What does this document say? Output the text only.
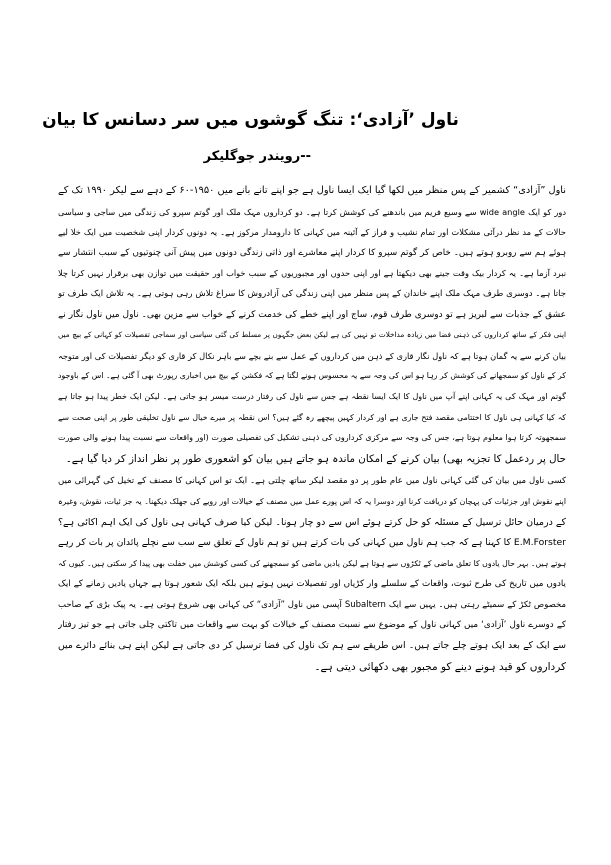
ناول ’آزادی‘: تنگ گوشوں میں سر دسانس کا بیان
--رویندر جوگلیکر
ناول ”آزادی“ کشمیر کے پس منظر میں لکھا گیا ایک ایسا ناول ہے جو اپنے تانے بانے میں ۱۹۵۰-۶۰ کے دہے سے لیکر ۱۹۹۰ تک کے
دور کو ایک wide angle سے وسیع فریم میں باندھنے کی کوشش کرتا ہے۔ دو کرداروں مہک ملک اور گوتم سپرو کی زندگی میں ساجی و سیاسی
حالات کے مد نظر درآئی مشکلات اور تمام نشیب و فراز کے آئینہ میں کہانی کا دارومدار مرکوز ہے۔ یہ دونوں کردار اپنی شخصیت میں ایک خلا لیے
ہوئے ہم سے روبرو ہوتے ہیں۔ خاص کر گوتم سپرو کا کردار اپنے معاشرے اور ذاتی زندگی دونوں میں پیش آنی چنوتیوں کے سبب انتشار سے
نبرد آزما ہے۔ یہ کردار بیک وقت جینے بھی دیکھتا ہے اور اپنی حدوں اور مجبوریوں کے سبب خواب اور حقیقت میں توازن بھی برقرار نہیں کرتا چلا
جاتا ہے۔ دوسری طرف مہک ملک اپنے خاندان کے پس منظر میں اپنی زندگی کی آزادروش کا سراغ تلاش رہی ہوتی ہے۔ یہ تلاش ایک طرف تو
عشق کے جذبات سے لبریز ہے تو دوسری طرف قوم، ساج اور اپنے خطے کی خدمت کرنے کے خواب سے مزین بھی۔ ناول میں ناول نگار نے
اپنی فکر کے ساتھ کرداروں کی ذہنی فضا میں زیادہ مداخلات تو نہیں کی ہے لیکن بعض جگہوں پر مسلط کی گئی سیاسی اور سماجی تفصیلات کو کہانی کے بیچ میں
بیان کرنے سے یہ گمان ہوتا ہے کہ ناول نگار قاری کے ذہن میں کرداروں کے عمل سے بنے بچے سے باہر نکال کر قاری کو دیگر تفصیلات کی اور متوجہ
کر کے ناول کو سمجھانے کی کوشش کر رہا ہو اس کی وجہ سے یہ محسوس ہونے لگتا ہے کہ فکشن کے بیچ میں اخباری رپورٹ بھی آ گئی ہے۔ اس کے باوجود
گوتم اور مہک کی یہ کہانی اپنے آپ میں ناول کا ایک ایسا نقطہ ہے جس سے ناول کی رفتار درست میسر ہو جاتی ہے۔ لیکن ایک خطر پیدا ہو جاتا ہے
کہ کیا کہانی ہی ناول کا اختتامی مقصد فتح جاری ہے اور کردار کہیں پیچھے رہ گئے ہیں؟ اس نقطہ پر میرے خیال سے ناول تخلیقی طور پر اپنی صحت سے
سمجھوتہ کرتا ہوا معلوم ہوتا ہے، جس کی وجہ سے مرکزی کرداروں کی ذہنی تشکیل کی تفصیلی صورت (اور واقعات سے نسبت پیدا ہونے والی صورت
حال پر ردعمل کا تجزیہ بھی) بیان کرنے کے امکان ماندہ ہو جاتے ہیں بیان کو اشعوری طور پر نظر انداز کر دیا گیا ہے۔
کسی ناول میں بیان کی گئی کہانی ناول میں عام طور پر دو مقصد لیکر ساتھ چلتی ہے۔ ایک تو اس کہانی کا مصنف کے تخیل کی گہرائی میں
اپنے نقوش اور جزئیات کی پہچان کو دریافت کرنا اور دوسرا یہ کہ اس پورے عمل میں مصنف کے خیالات اور رویے کی جھلک دیکھنا۔ یہ جز ئیات، نقوش، وغیرہ
کے درمیان حائل ترسیل کے مسئلہ کو حل کرتے ہوئے اس سے دو چار ہونا۔ لیکن کیا صرف کہانی ہی ناول کی ایک اہم اکائی ہے؟
E.M.Forster کا کہنا ہے کہ جب ہم ناول میں کہانی کی بات کرتے ہیں تو ہم ناول کے تعلق سے سب سے نچلے پائدان پر بات کر رہے
ہوتے ہیں۔ بہر حال یادوں کا تعلق ماضی کے ٹکڑوں سے ہوتا ہے لیکن یادیں ماضی کو سمجھنے کی کسی کوشش میں خفلت بھی پیدا کر سکتی ہیں۔ کیوں کہ
یادوں میں تاریخ کی طرح ثبوت، واقعات کے سلسلے وار کڑیاں اور تفصیلات نہیں ہوتے ہیں بلکہ ایک شعور ہوتا ہے جہاں یادیں زمانے کے ایک
مخصوص ٹکڑ کے سمیٹے رہتی ہیں۔ یہیں سے ایک Subaltern آپسی میں ناول ”آزادی“ کی کہانی بھی شروع ہوتی ہے۔ یہ پیک بڑی کے صاحب
کے دوسرے ناول ’آزادی‘ میں کہانی ناول کے موضوع سے نسبت مصنف کے خیالات کو بہت سے واقعات میں تاکتی چلی جاتی ہے جو تیز رفتار
سے ایک کے بعد ایک ہوتے چلے جاتے ہیں۔ اس طریقے سے ہم تک ناول کی فضا ترسیل کر دی جاتی ہے لیکن اپنے ہی بنائے دائرے میں
کرداروں کو قید ہونے دینے کو مجبور بھی دکھائی دیتی ہے۔
